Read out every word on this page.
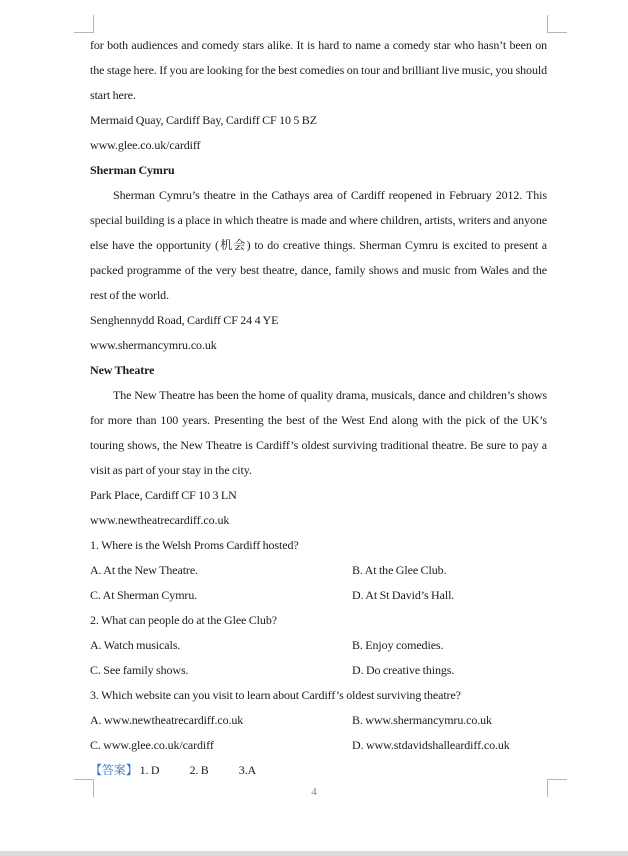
for both audiences and comedy stars alike. It is hard to name a comedy star who hasn’t been on
the stage here. If you are looking for the best comedies on tour and brilliant live music, you should
start here.
Mermaid Quay, Cardiff Bay, Cardiff CF 10 5 BZ
www.glee.co.uk/cardiff
Sherman Cymru
Sherman Cymru’s theatre in the Cathays area of Cardiff reopened in February 2012. This
special building is a place in which theatre is made and where children, artists, writers and anyone
else have the opportunity (机会) to do creative things. Sherman Cymru is excited to present a
packed programme of the very best theatre, dance, family shows and music from Wales and the
rest of the world.
Senghennydd Road, Cardiff CF 24 4 YE
www.shermancymru.co.uk
New Theatre
The New Theatre has been the home of quality drama, musicals, dance and children’s shows
for more than 100 years. Presenting the best of the West End along with the pick of the UK’s
touring shows, the New Theatre is Cardiff’s oldest surviving traditional theatre. Be sure to pay a
visit as part of your stay in the city.
Park Place, Cardiff CF 10 3 LN
www.newtheatrecardiff.co.uk
1. Where is the Welsh Proms Cardiff hosted?
A. At the New Theatre.	B. At the Glee Club.
C. At Sherman Cymru.	D. At St David’s Hall.
2. What can people do at the Glee Club?
A. Watch musicals.	B. Enjoy comedies.
C. See family shows.	D. Do creative things.
3. Which website can you visit to learn about Cardiff’s oldest surviving theatre?
A. www.newtheatrecardiff.co.uk	B. www.shermancymru.co.uk
C. www.glee.co.uk/cardiff	D. www.stdavidshalleardiff.co.uk
【答案】 1. D	2. B	3.A
4
